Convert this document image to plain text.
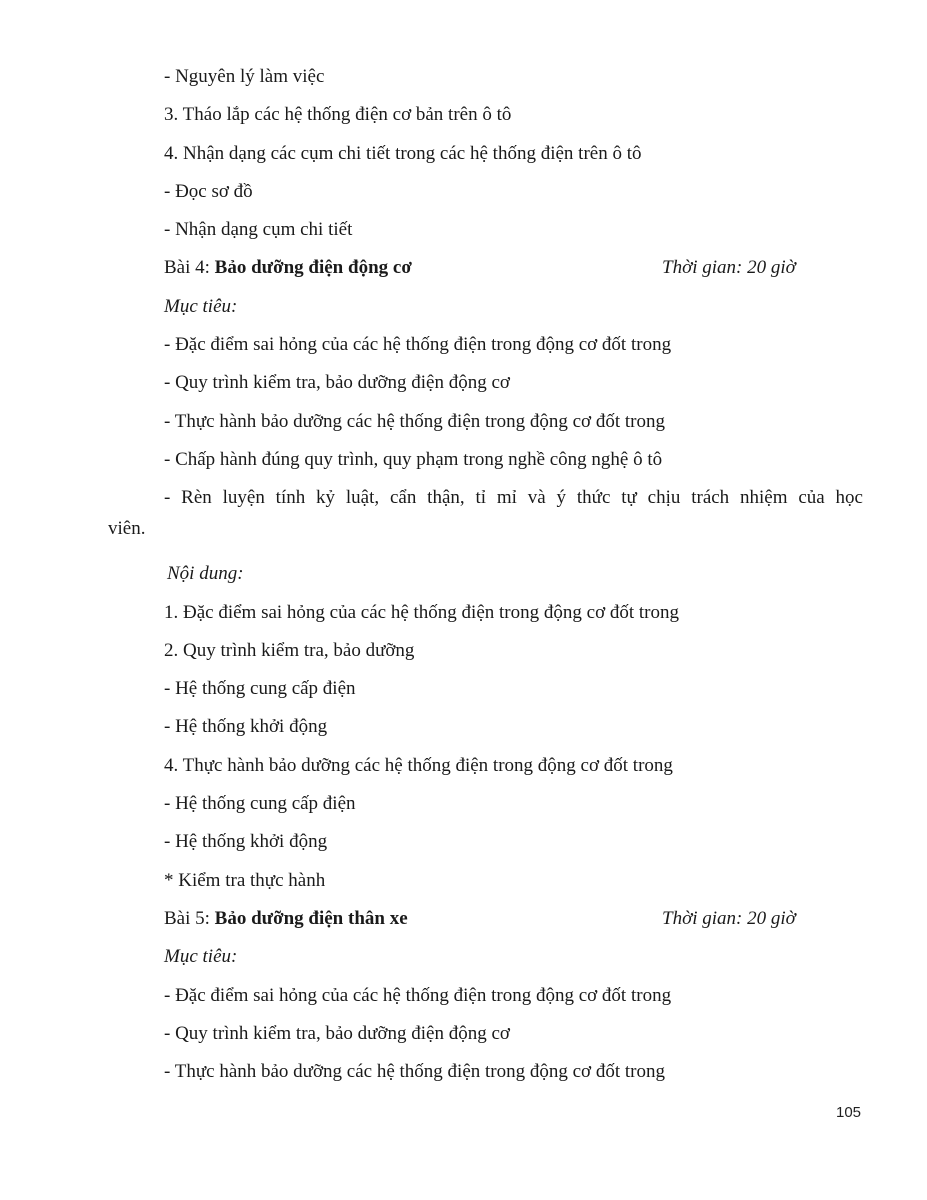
- Nguyên lý làm việc
3. Tháo lắp các hệ thống điện cơ bản trên ô tô
4. Nhận dạng các cụm chi tiết trong các hệ thống điện trên ô tô
- Đọc sơ đồ
- Nhận dạng cụm chi tiết
Bài 4: Bảo dưỡng điện động cơ	Thời gian: 20 giờ
Mục tiêu:
- Đặc điểm sai hỏng của các hệ thống điện trong động cơ đốt trong
- Quy trình kiểm tra, bảo dưỡng điện động cơ
- Thực hành bảo dưỡng các hệ thống điện trong động cơ đốt trong
- Chấp hành đúng quy trình, quy phạm trong nghề công nghệ ô tô
- Rèn luyện tính kỷ luật, cẩn thận, tỉ mỉ và ý thức tự chịu trách nhiệm của học
viên.
Nội dung:
1. Đặc điểm sai hỏng của các hệ thống điện trong động cơ đốt trong
2. Quy trình kiểm tra, bảo dưỡng
- Hệ thống cung cấp điện
- Hệ thống khởi động
4. Thực hành bảo dưỡng các hệ thống điện trong động cơ đốt trong
- Hệ thống cung cấp điện
- Hệ thống khởi động
* Kiểm tra thực hành
Bài 5: Bảo dưỡng điện thân xe	Thời gian: 20 giờ
Mục tiêu:
- Đặc điểm sai hỏng của các hệ thống điện trong động cơ đốt trong
- Quy trình kiểm tra, bảo dưỡng điện động cơ
- Thực hành bảo dưỡng các hệ thống điện trong động cơ đốt trong
105
